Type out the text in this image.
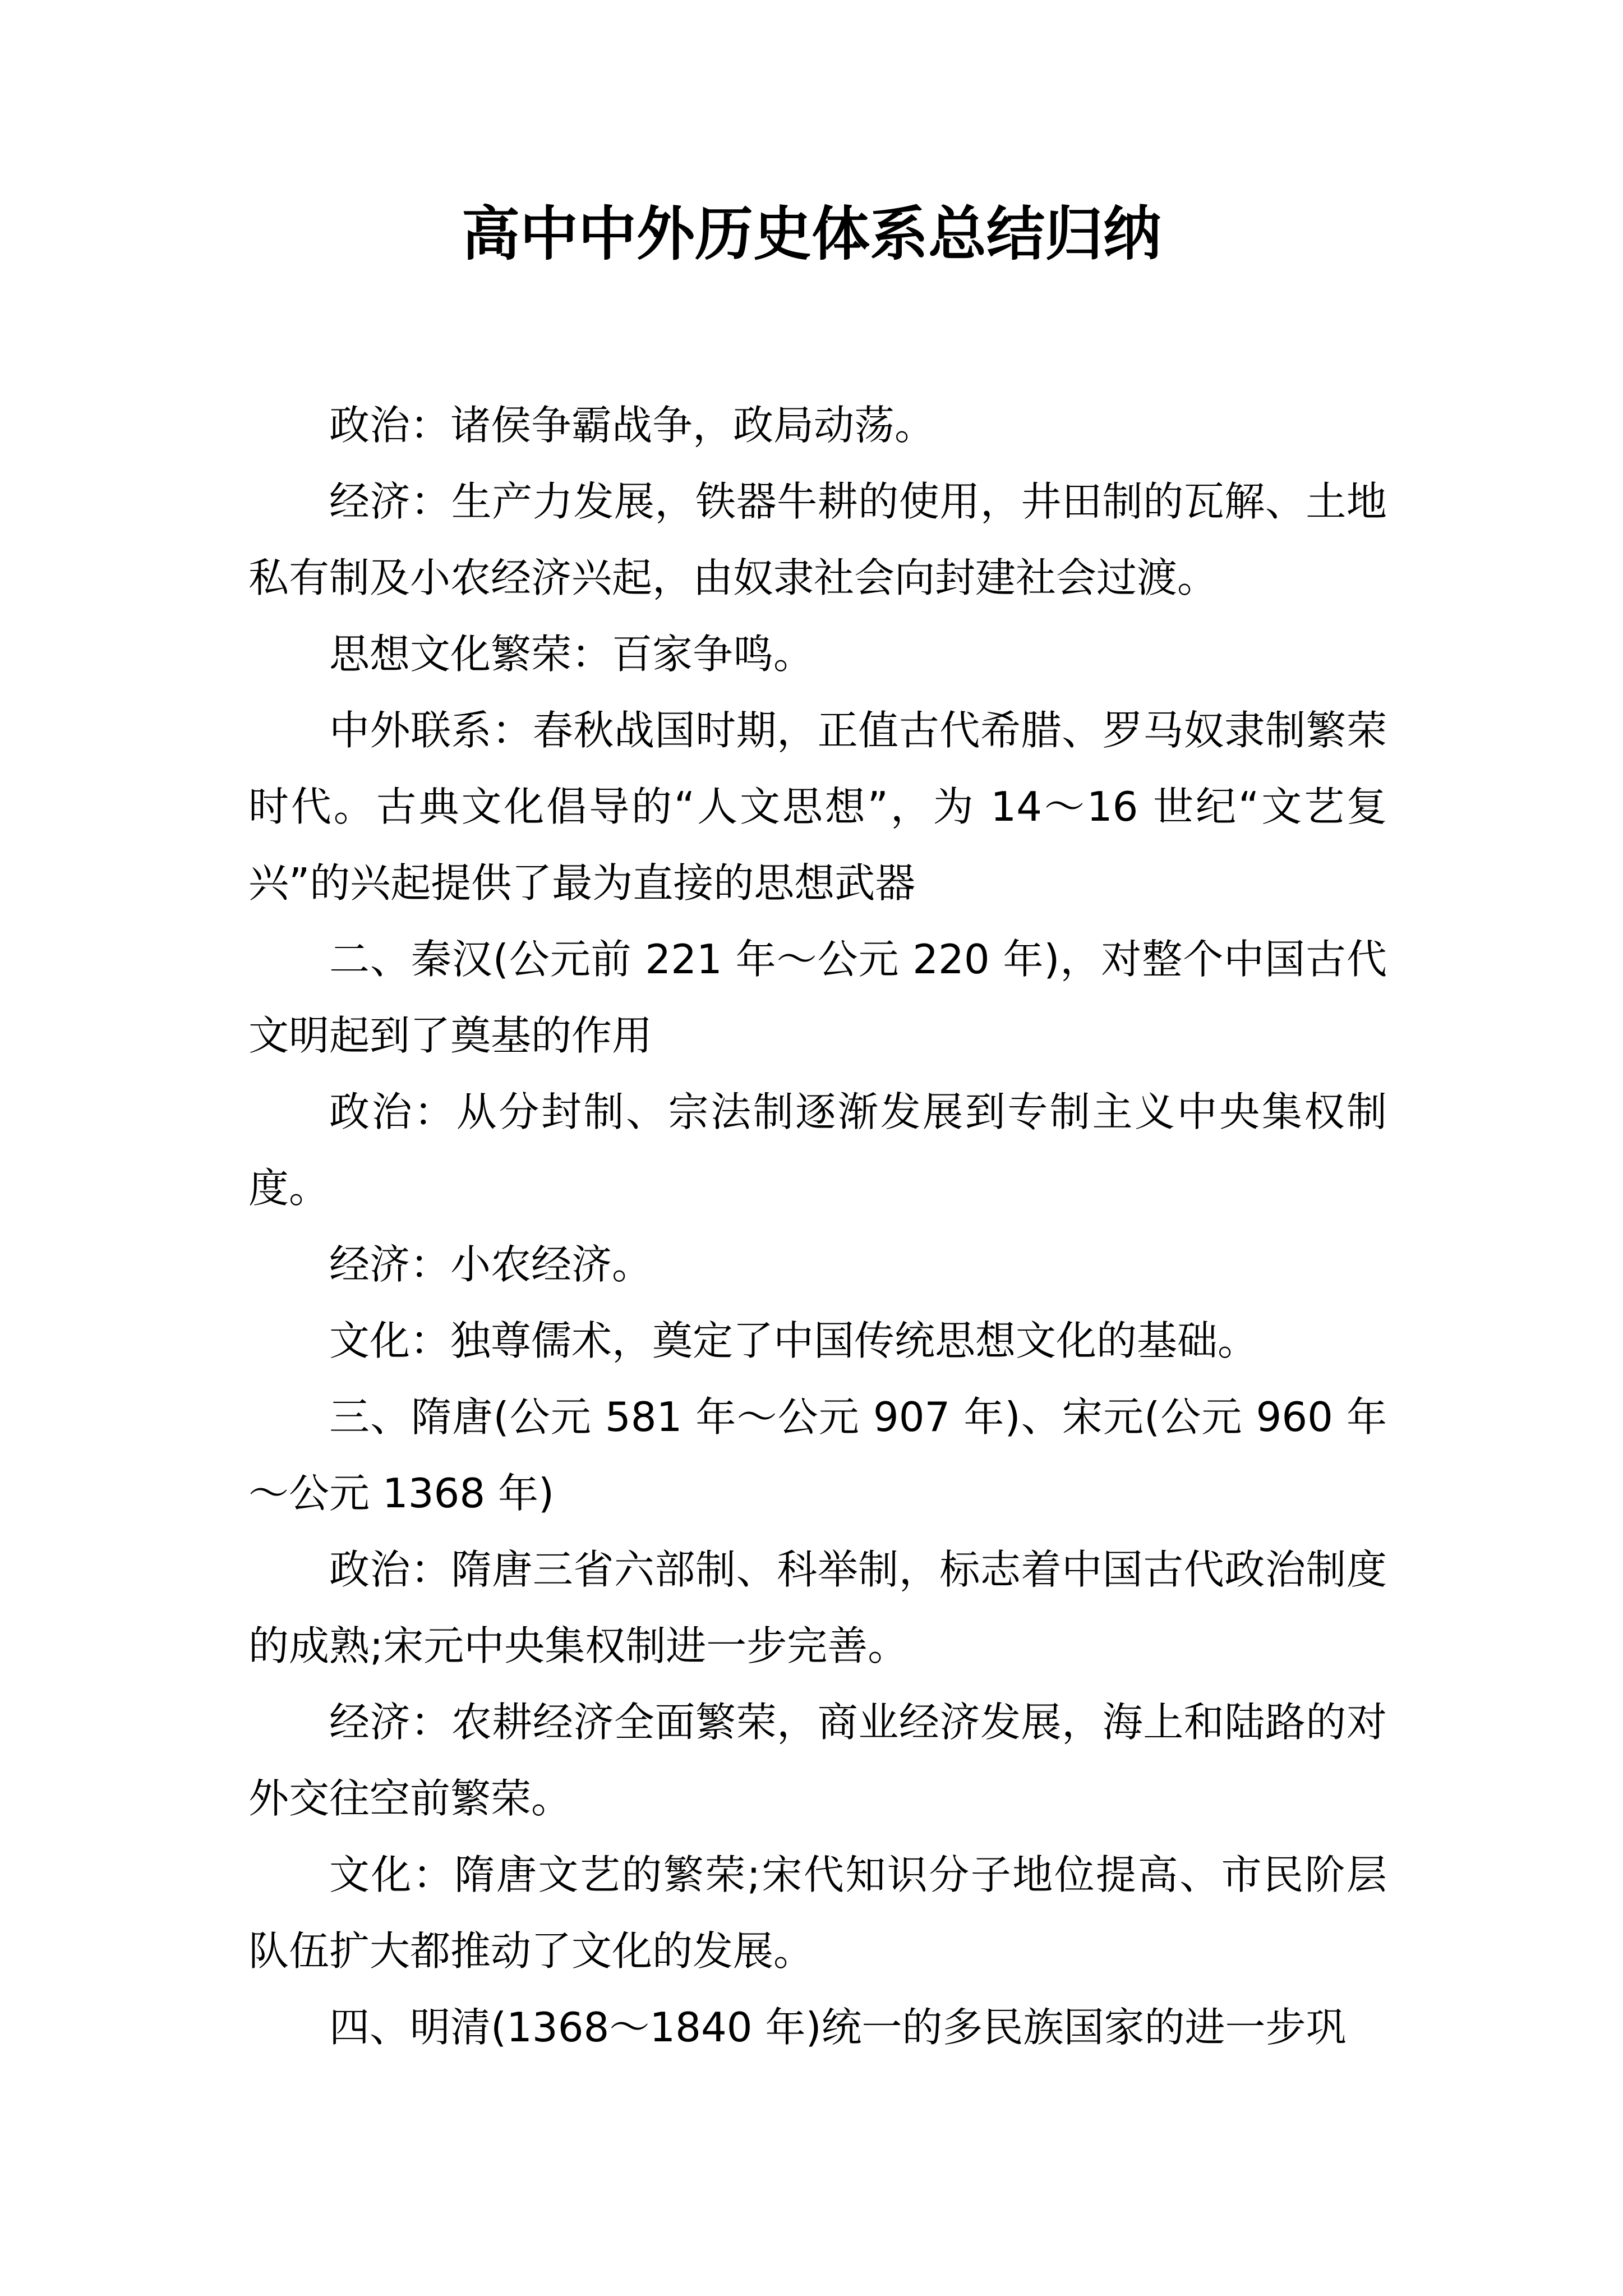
高中中外历史体系总结归纳

政治：诸侯争霸战争，政局动荡。

经济：生产力发展，铁器牛耕的使用，井田制的瓦解、土地私有制及小农经济兴起，由奴隶社会向封建社会过渡。

思想文化繁荣：百家争鸣。

中外联系：春秋战国时期，正值古代希腊、罗马奴隶制繁荣时代。古典文化倡导的“人文思想”，为 14～16 世纪“文艺复兴”的兴起提供了最为直接的思想武器

二、秦汉(公元前 221 年～公元 220 年)，对整个中国古代文明起到了奠基的作用

政治：从分封制、宗法制逐渐发展到专制主义中央集权制度。

经济：小农经济。

文化：独尊儒术，奠定了中国传统思想文化的基础。

三、隋唐(公元 581 年～公元 907 年)、宋元(公元 960 年～公元 1368 年)

政治：隋唐三省六部制、科举制，标志着中国古代政治制度的成熟;宋元中央集权制进一步完善。

经济：农耕经济全面繁荣，商业经济发展，海上和陆路的对外交往空前繁荣。

文化：隋唐文艺的繁荣;宋代知识分子地位提高、市民阶层队伍扩大都推动了文化的发展。

四、明清(1368～1840 年)统一的多民族国家的进一步巩
